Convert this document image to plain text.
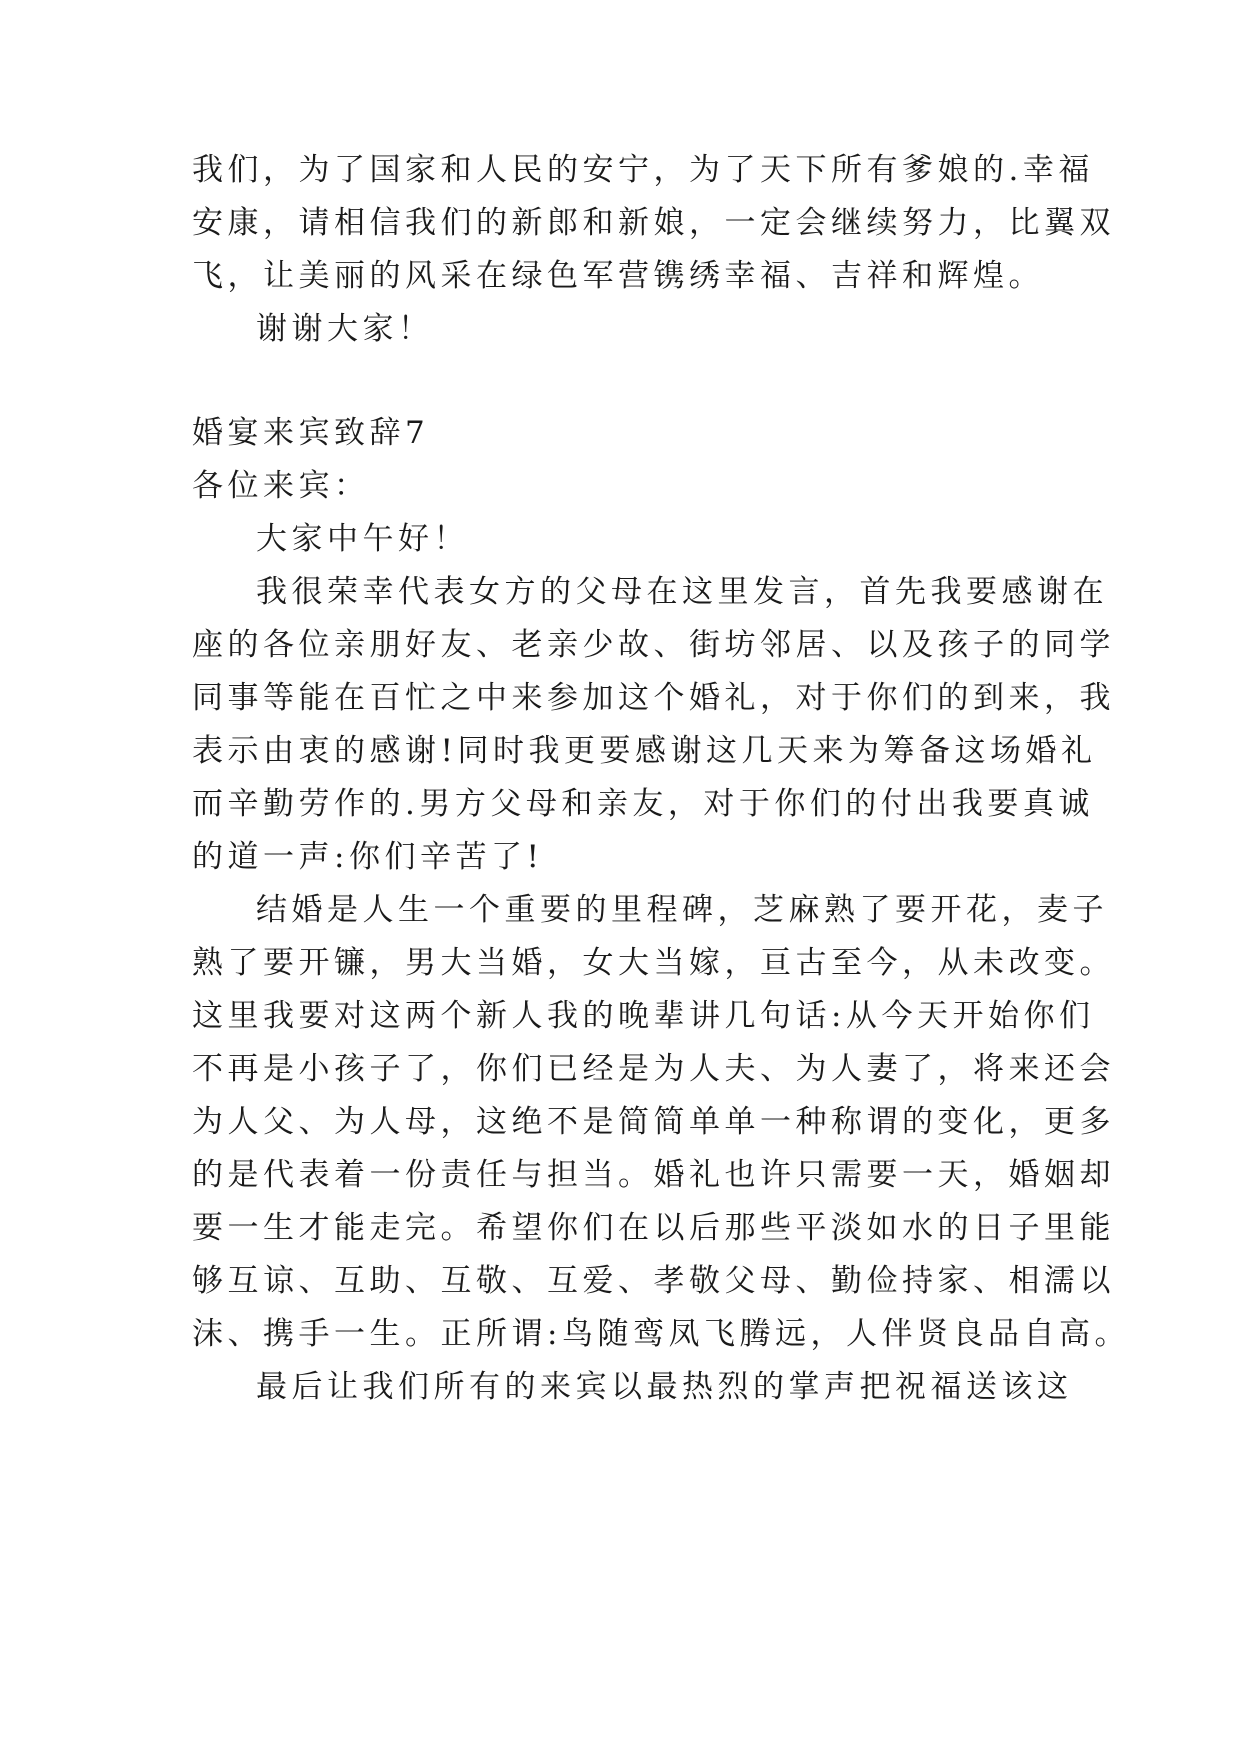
我们，为了国家和人民的安宁，为了天下所有爹娘的.幸福
安康，请相信我们的新郎和新娘，一定会继续努力，比翼双
飞，让美丽的风采在绿色军营镌绣幸福、吉祥和辉煌。
谢谢大家！
婚宴来宾致辞7
各位来宾：
大家中午好！
我很荣幸代表女方的父母在这里发言，首先我要感谢在
座的各位亲朋好友、老亲少故、街坊邻居、以及孩子的同学
同事等能在百忙之中来参加这个婚礼，对于你们的到来，我
表示由衷的感谢!同时我更要感谢这几天来为筹备这场婚礼
而辛勤劳作的.男方父母和亲友，对于你们的付出我要真诚
的道一声:你们辛苦了!
结婚是人生一个重要的里程碑，芝麻熟了要开花，麦子
熟了要开镰，男大当婚，女大当嫁，亘古至今，从未改变。
这里我要对这两个新人我的晚辈讲几句话:从今天开始你们
不再是小孩子了，你们已经是为人夫、为人妻了，将来还会
为人父、为人母，这绝不是简简单单一种称谓的变化，更多
的是代表着一份责任与担当。婚礼也许只需要一天，婚姻却
要一生才能走完。希望你们在以后那些平淡如水的日子里能
够互谅、互助、互敬、互爱、孝敬父母、勤俭持家、相濡以
沫、携手一生。正所谓:鸟随鸾凤飞腾远，人伴贤良品自高。
最后让我们所有的来宾以最热烈的掌声把祝福送该这
